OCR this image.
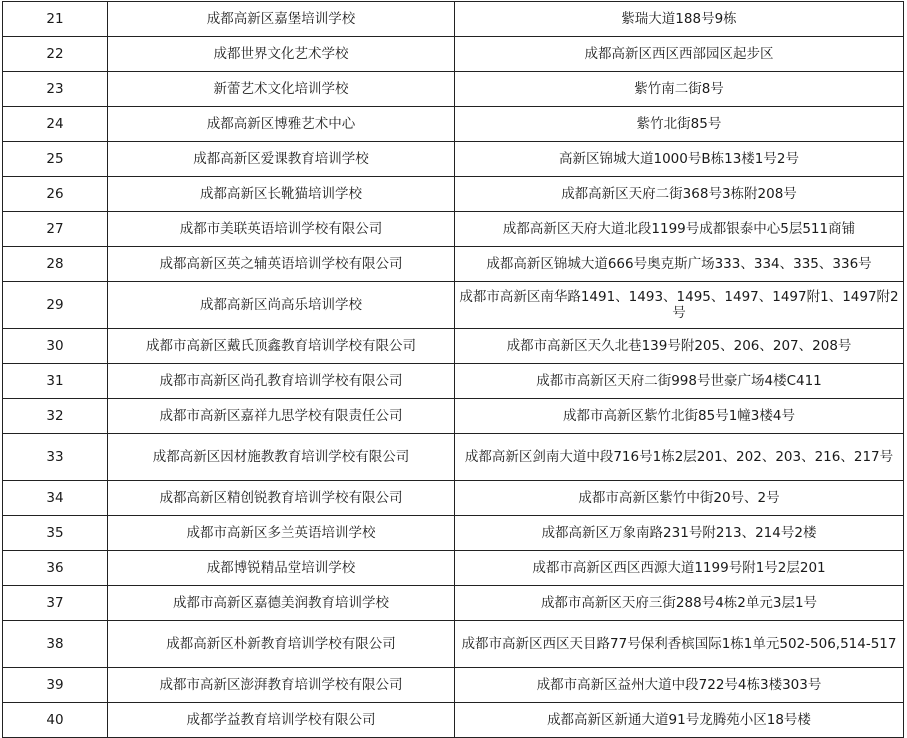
21	成都高新区嘉堡培训学校	紫瑞大道188号9栋
22	成都世界文化艺术学校	成都高新区西区西部园区起步区
23	新蕾艺术文化培训学校	紫竹南二街8号
24	成都高新区博雅艺术中心	紫竹北街85号
25	成都高新区爱课教育培训学校	高新区锦城大道1000号B栋13楼1号2号
26	成都高新区长靴猫培训学校	成都高新区天府二街368号3栋附208号
27	成都市美联英语培训学校有限公司	成都高新区天府大道北段1199号成都银泰中心5层511商铺
28	成都高新区英之辅英语培训学校有限公司	成都高新区锦城大道666号奥克斯广场333、334、335、336号
29	成都高新区尚高乐培训学校	成都市高新区南华路1491、1493、1495、1497、1497附1、1497附2号
30	成都市高新区戴氏顶鑫教育培训学校有限公司	成都市高新区天久北巷139号附205、206、207、208号
31	成都市高新区尚孔教育培训学校有限公司	成都市高新区天府二街998号世豪广场4楼C411
32	成都市高新区嘉祥九思学校有限责任公司	成都市高新区紫竹北街85号1幢3楼4号
33	成都高新区因材施教教育培训学校有限公司	成都高新区剑南大道中段716号1栋2层201、202、203、216、217号
34	成都高新区精创锐教育培训学校有限公司	成都市高新区紫竹中街20号、2号
35	成都市高新区多兰英语培训学校	成都高新区万象南路231号附213、214号2楼
36	成都博锐精品堂培训学校	成都市高新区西区西源大道1199号附1号2层201
37	成都市高新区嘉德美润教育培训学校	成都市高新区天府三街288号4栋2单元3层1号
38	成都高新区朴新教育培训学校有限公司	成都市高新区西区天目路77号保利香槟国际1栋1单元502-506,514-517
39	成都市高新区澎湃教育培训学校有限公司	成都市高新区益州大道中段722号4栋3楼303号
40	成都学益教育培训学校有限公司	成都高新区新通大道91号龙腾苑小区18号楼
